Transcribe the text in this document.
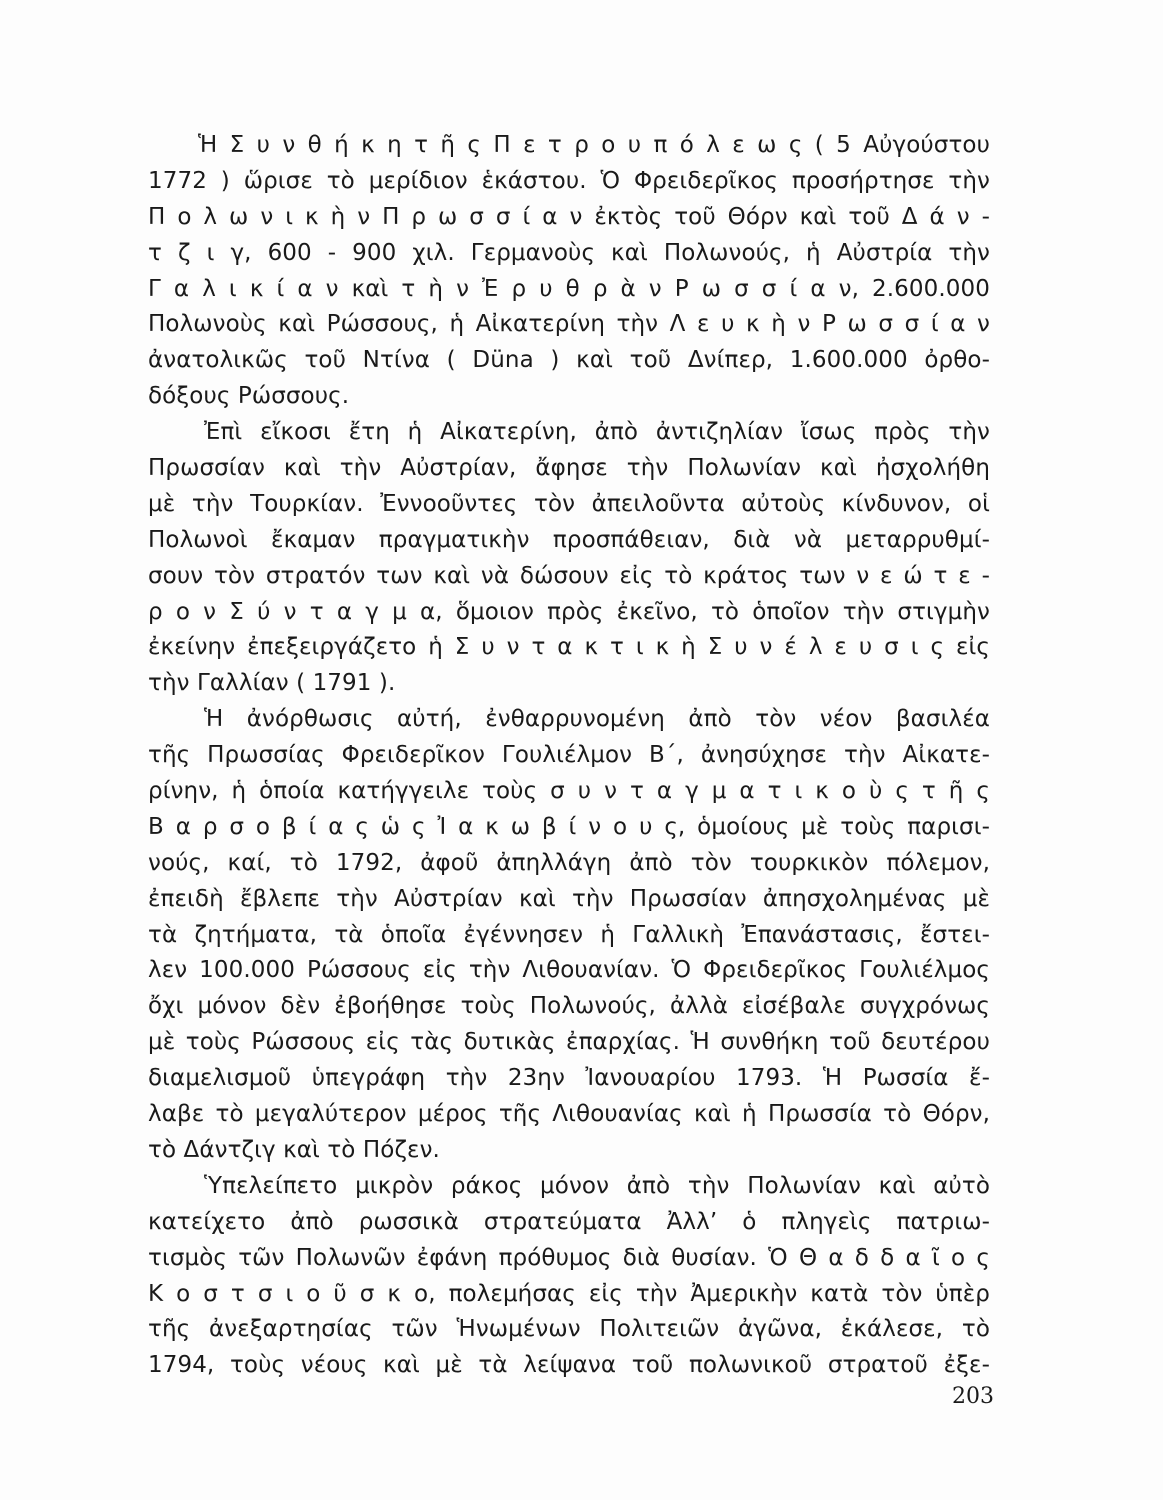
Ἡ Σ υ ν θ ή κ η τ ῆ ς Π ε τ ρ ο υ π ό λ ε ω ς ( 5 Αὐγούστου
1772 ) ὥρισε τὸ μερίδιον ἑκάστου. Ὁ Φρειδερῖκος προσήρτησε τὴν
Π ο λ ω ν ι κ ὴ ν Π ρ ω σ σ ί α ν ἐκτὸς τοῦ Θόρν καὶ τοῦ Δ ά ν -
τ ζ ι γ, 600 - 900 χιλ. Γερμανοὺς καὶ Πολωνούς, ἡ Αὐστρία τὴν
Γ α λ ι κ ί α ν καὶ τ ὴ ν Ἐ ρ υ θ ρ ὰ ν Ρ ω σ σ ί α ν, 2.600.000
Πολωνοὺς καὶ Ρώσσους, ἡ Αἰκατερίνη τὴν Λ ε υ κ ὴ ν Ρ ω σ σ ί α ν
ἀνατολικῶς τοῦ Ντίνα ( Düna ) καὶ τοῦ Δνίπερ, 1.600.000 ὀρθο-
δόξους Ρώσσους.
Ἐπὶ εἴκοσι ἔτη ἡ Αἰκατερίνη, ἀπὸ ἀντιζηλίαν ἴσως πρὸς τὴν
Πρωσσίαν καὶ τὴν Αὐστρίαν, ἄφησε τὴν Πολωνίαν καὶ ἠσχολήθη
μὲ τὴν Τουρκίαν. Ἐννοοῦντες τὸν ἀπειλοῦντα αὐτοὺς κίνδυνον, οἱ
Πολωνοὶ ἔκαμαν πραγματικὴν προσπάθειαν, διὰ νὰ μεταρρυθμί-
σουν τὸν στρατόν των καὶ νὰ δώσουν εἰς τὸ κράτος των ν ε ώ τ ε -
ρ ο ν Σ ύ ν τ α γ μ α, ὅμοιον πρὸς ἐκεῖνο, τὸ ὁποῖον τὴν στιγμὴν
ἐκείνην ἐπεξειργάζετο ἡ Σ υ ν τ α κ τ ι κ ὴ Σ υ ν έ λ ε υ σ ι ς εἰς
τὴν Γαλλίαν ( 1791 ).
Ἡ ἀνόρθωσις αὐτή, ἐνθαρρυνομένη ἀπὸ τὸν νέον βασιλέα
τῆς Πρωσσίας Φρειδερῖκον Γουλιέλμον Β΄, ἀνησύχησε τὴν Αἰκατε-
ρίνην, ἡ ὁποία κατήγγειλε τοὺς σ υ ν τ α γ μ α τ ι κ ο ὺ ς τ ῆ ς
Β α ρ σ ο β ί α ς ὡ ς Ἰ α κ ω β ί ν ο υ ς, ὁμοίους μὲ τοὺς παρισι-
νούς, καί, τὸ 1792, ἀφοῦ ἀπηλλάγη ἀπὸ τὸν τουρκικὸν πόλεμον,
ἐπειδὴ ἔβλεπε τὴν Αὐστρίαν καὶ τὴν Πρωσσίαν ἀπησχολημένας μὲ
τὰ ζητήματα, τὰ ὁποῖα ἐγέννησεν ἡ Γαλλικὴ Ἐπανάστασις, ἔστει-
λεν 100.000 Ρώσσους εἰς τὴν Λιθουανίαν. Ὁ Φρειδερῖκος Γουλιέλμος
ὄχι μόνον δὲν ἐβοήθησε τοὺς Πολωνούς, ἀλλὰ εἰσέβαλε συγχρόνως
μὲ τοὺς Ρώσσους εἰς τὰς δυτικὰς ἐπαρχίας. Ἡ συνθήκη τοῦ δευτέρου
διαμελισμοῦ ὑπεγράφη τὴν 23ην Ἰανουαρίου 1793. Ἡ Ρωσσία ἔ-
λαβε τὸ μεγαλύτερον μέρος τῆς Λιθουανίας καὶ ἡ Πρωσσία τὸ Θόρν,
τὸ Δάντζιγ καὶ τὸ Πόζεν.
Ὑπελείπετο μικρὸν ράκος μόνον ἀπὸ τὴν Πολωνίαν καὶ αὐτὸ
κατείχετο ἀπὸ ρωσσικὰ στρατεύματα Ἀλλ’ ὁ πληγεὶς πατριω-
τισμὸς τῶν Πολωνῶν ἐφάνη πρόθυμος διὰ θυσίαν. Ὁ Θ α δ δ α ῖ ο ς
Κ ο σ τ σ ι ο ῦ σ κ ο, πολεμήσας εἰς τὴν Ἀμερικὴν κατὰ τὸν ὑπὲρ
τῆς ἀνεξαρτησίας τῶν Ἡνωμένων Πολιτειῶν ἀγῶνα, ἐκάλεσε, τὸ
1794, τοὺς νέους καὶ μὲ τὰ λείψανα τοῦ πολωνικοῦ στρατοῦ ἐξε-
203
